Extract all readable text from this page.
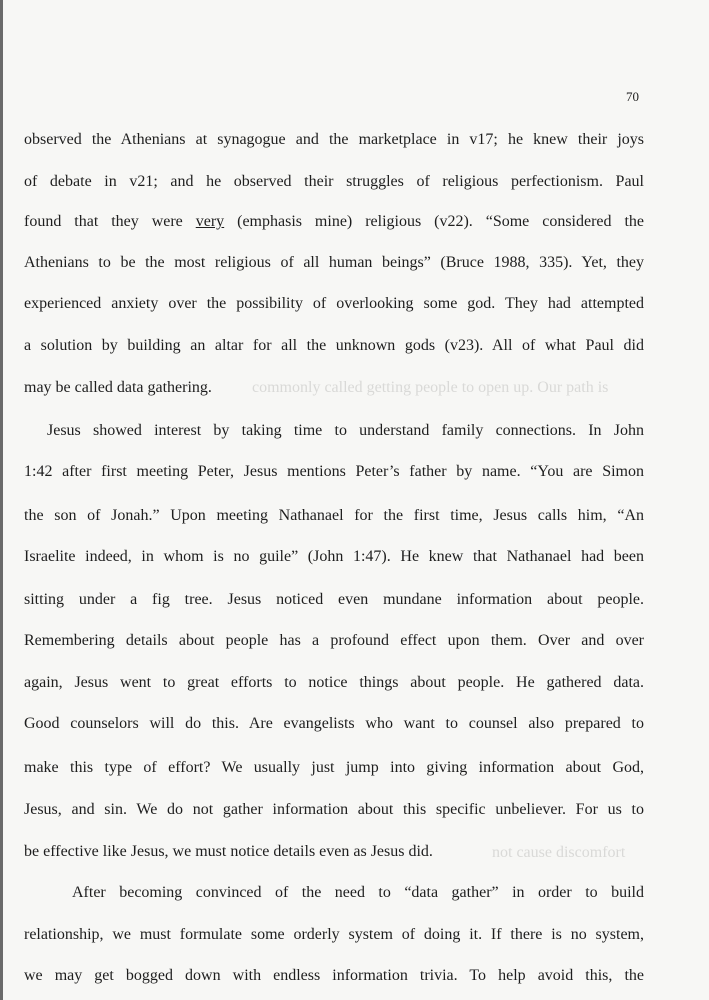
70
observed the Athenians at synagogue and the marketplace in v17; he knew their joys
of debate in v21; and he observed their struggles of religious perfectionism. Paul
found that they were very (emphasis mine) religious (v22). “Some considered the
Athenians to be the most religious of all human beings” (Bruce 1988, 335). Yet, they
experienced anxiety over the possibility of overlooking some god. They had attempted
a solution by building an altar for all the unknown gods (v23). All of what Paul did
commonly called getting people to open up. Our path is
may be called data gathering.
Jesus showed interest by taking time to understand family connections. In John
1:42 after first meeting Peter, Jesus mentions Peter’s father by name. “You are Simon
the son of Jonah.” Upon meeting Nathanael for the first time, Jesus calls him, “An
Israelite indeed, in whom is no guile” (John 1:47). He knew that Nathanael had been
sitting under a fig tree. Jesus noticed even mundane information about people.
Remembering details about people has a profound effect upon them. Over and over
again, Jesus went to great efforts to notice things about people. He gathered data.
Good counselors will do this. Are evangelists who want to counsel also prepared to
make this type of effort? We usually just jump into giving information about God,
Jesus, and sin. We do not gather information about this specific unbeliever. For us to
not cause discomfort
be effective like Jesus, we must notice details even as Jesus did.
After becoming convinced of the need to “data gather” in order to build
relationship, we must formulate some orderly system of doing it. If there is no system,
we may get bogged down with endless information trivia. To help avoid this, the
